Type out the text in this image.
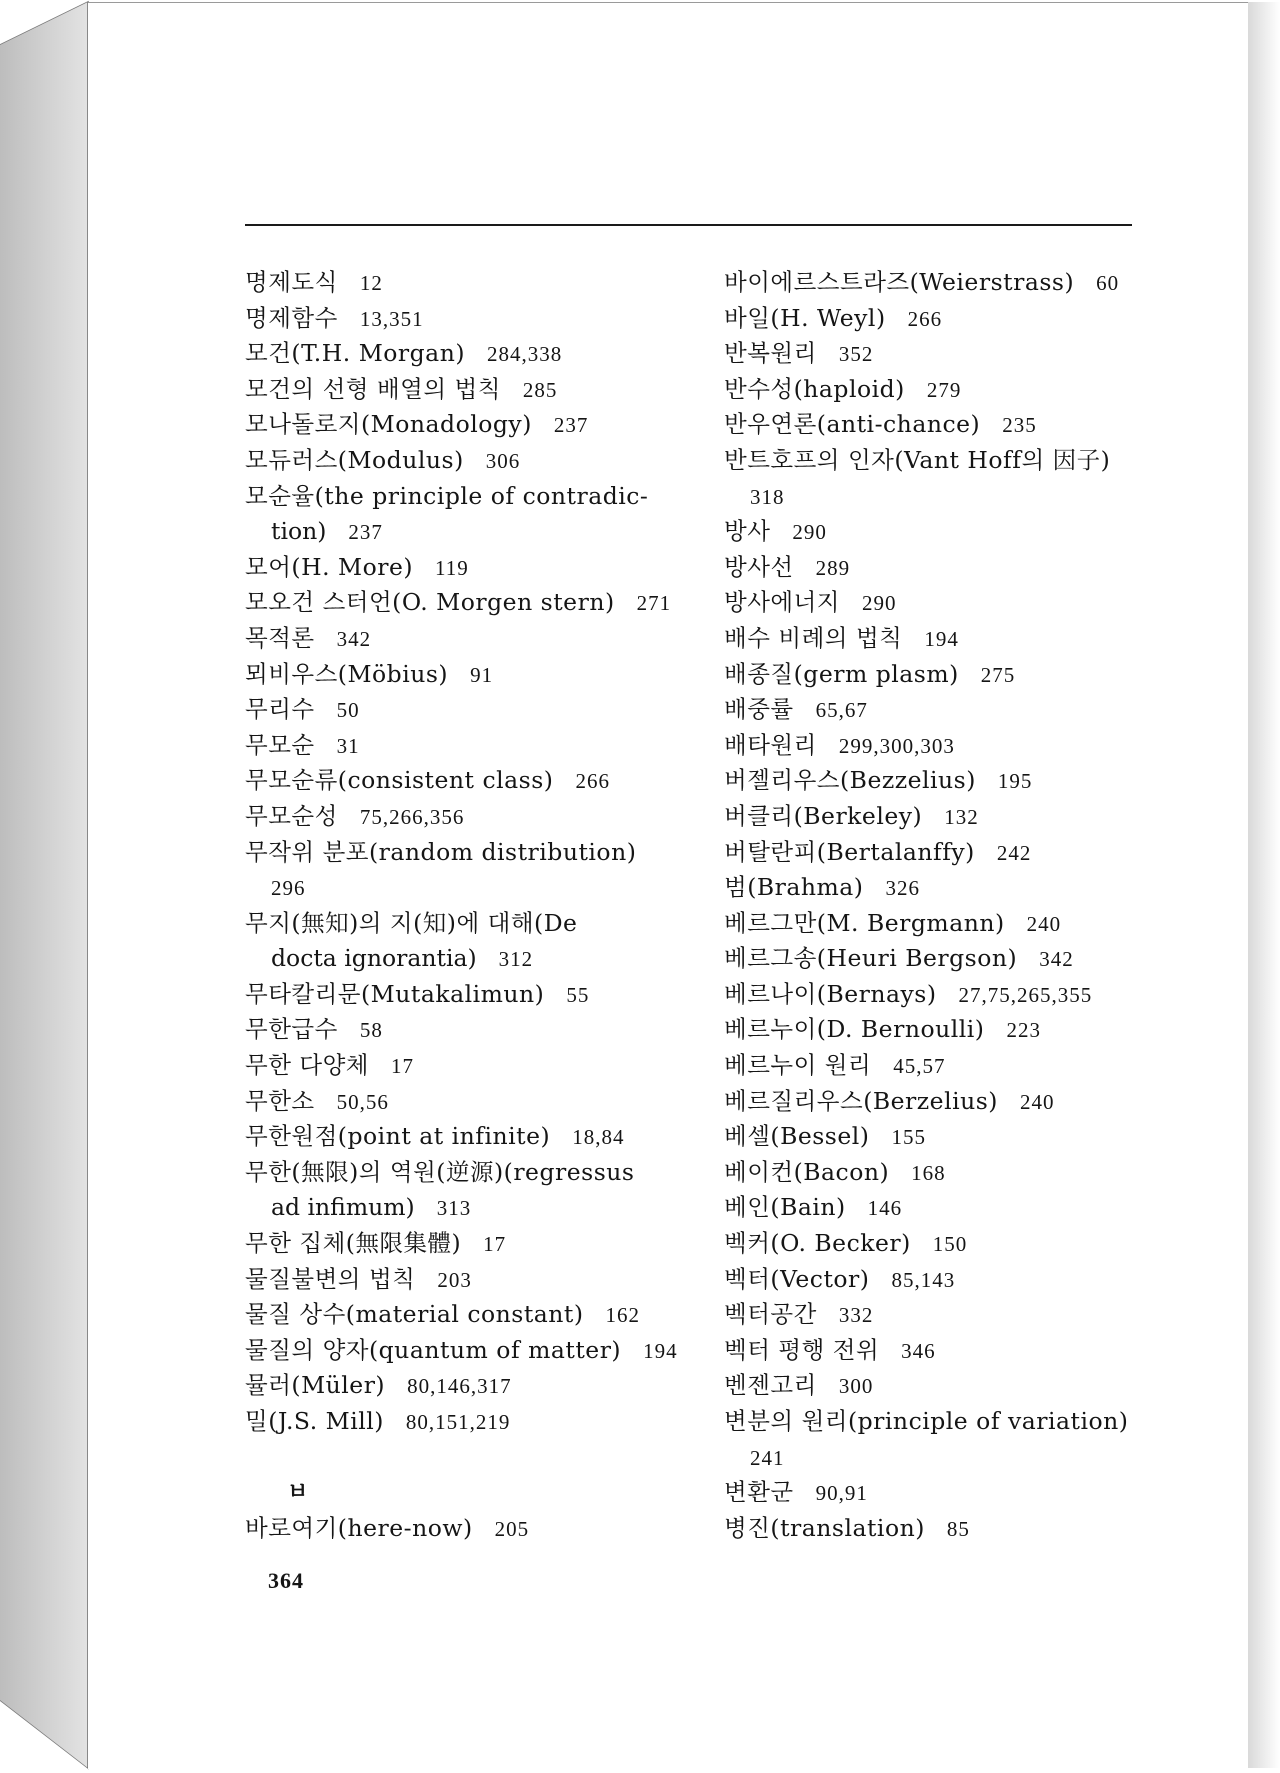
명제도식 12
명제함수 13,351
모건(T.H. Morgan) 284,338
모건의 선형 배열의 법칙 285
모나돌로지(Monadology) 237
모듀러스(Modulus) 306
모순율(the principle of contradic-
tion) 237
모어(H. More) 119
모오건 스터언(O. Morgen stern) 271
목적론 342
뫼비우스(Möbius) 91
무리수 50
무모순 31
무모순류(consistent class) 266
무모순성 75,266,356
무작위 분포(random distribution)
296
무지(無知)의 지(知)에 대해(De
docta ignorantia) 312
무타칼리문(Mutakalimun) 55
무한급수 58
무한 다양체 17
무한소 50,56
무한원점(point at infinite) 18,84
무한(無限)의 역원(逆源)(regressus
ad infimum) 313
무한 집체(無限集體) 17
물질불변의 법칙 203
물질 상수(material constant) 162
물질의 양자(quantum of matter) 194
뮬러(Müler) 80,146,317
밀(J.S. Mill) 80,151,219
ㅂ
바로여기(here-now) 205
바이에르스트라즈(Weierstrass) 60
바일(H. Weyl) 266
반복원리 352
반수성(haploid) 279
반우연론(anti-chance) 235
반트호프의 인자(Vant Hoff의 因子)
318
방사 290
방사선 289
방사에너지 290
배수 비례의 법칙 194
배종질(germ plasm) 275
배중률 65,67
배타원리 299,300,303
버젤리우스(Bezzelius) 195
버클리(Berkeley) 132
버탈란피(Bertalanffy) 242
범(Brahma) 326
베르그만(M. Bergmann) 240
베르그송(Heuri Bergson) 342
베르나이(Bernays) 27,75,265,355
베르누이(D. Bernoulli) 223
베르누이 원리 45,57
베르질리우스(Berzelius) 240
베셀(Bessel) 155
베이컨(Bacon) 168
베인(Bain) 146
벡커(O. Becker) 150
벡터(Vector) 85,143
벡터공간 332
벡터 평행 전위 346
벤젠고리 300
변분의 원리(principle of variation)
241
변환군 90,91
병진(translation) 85
364
